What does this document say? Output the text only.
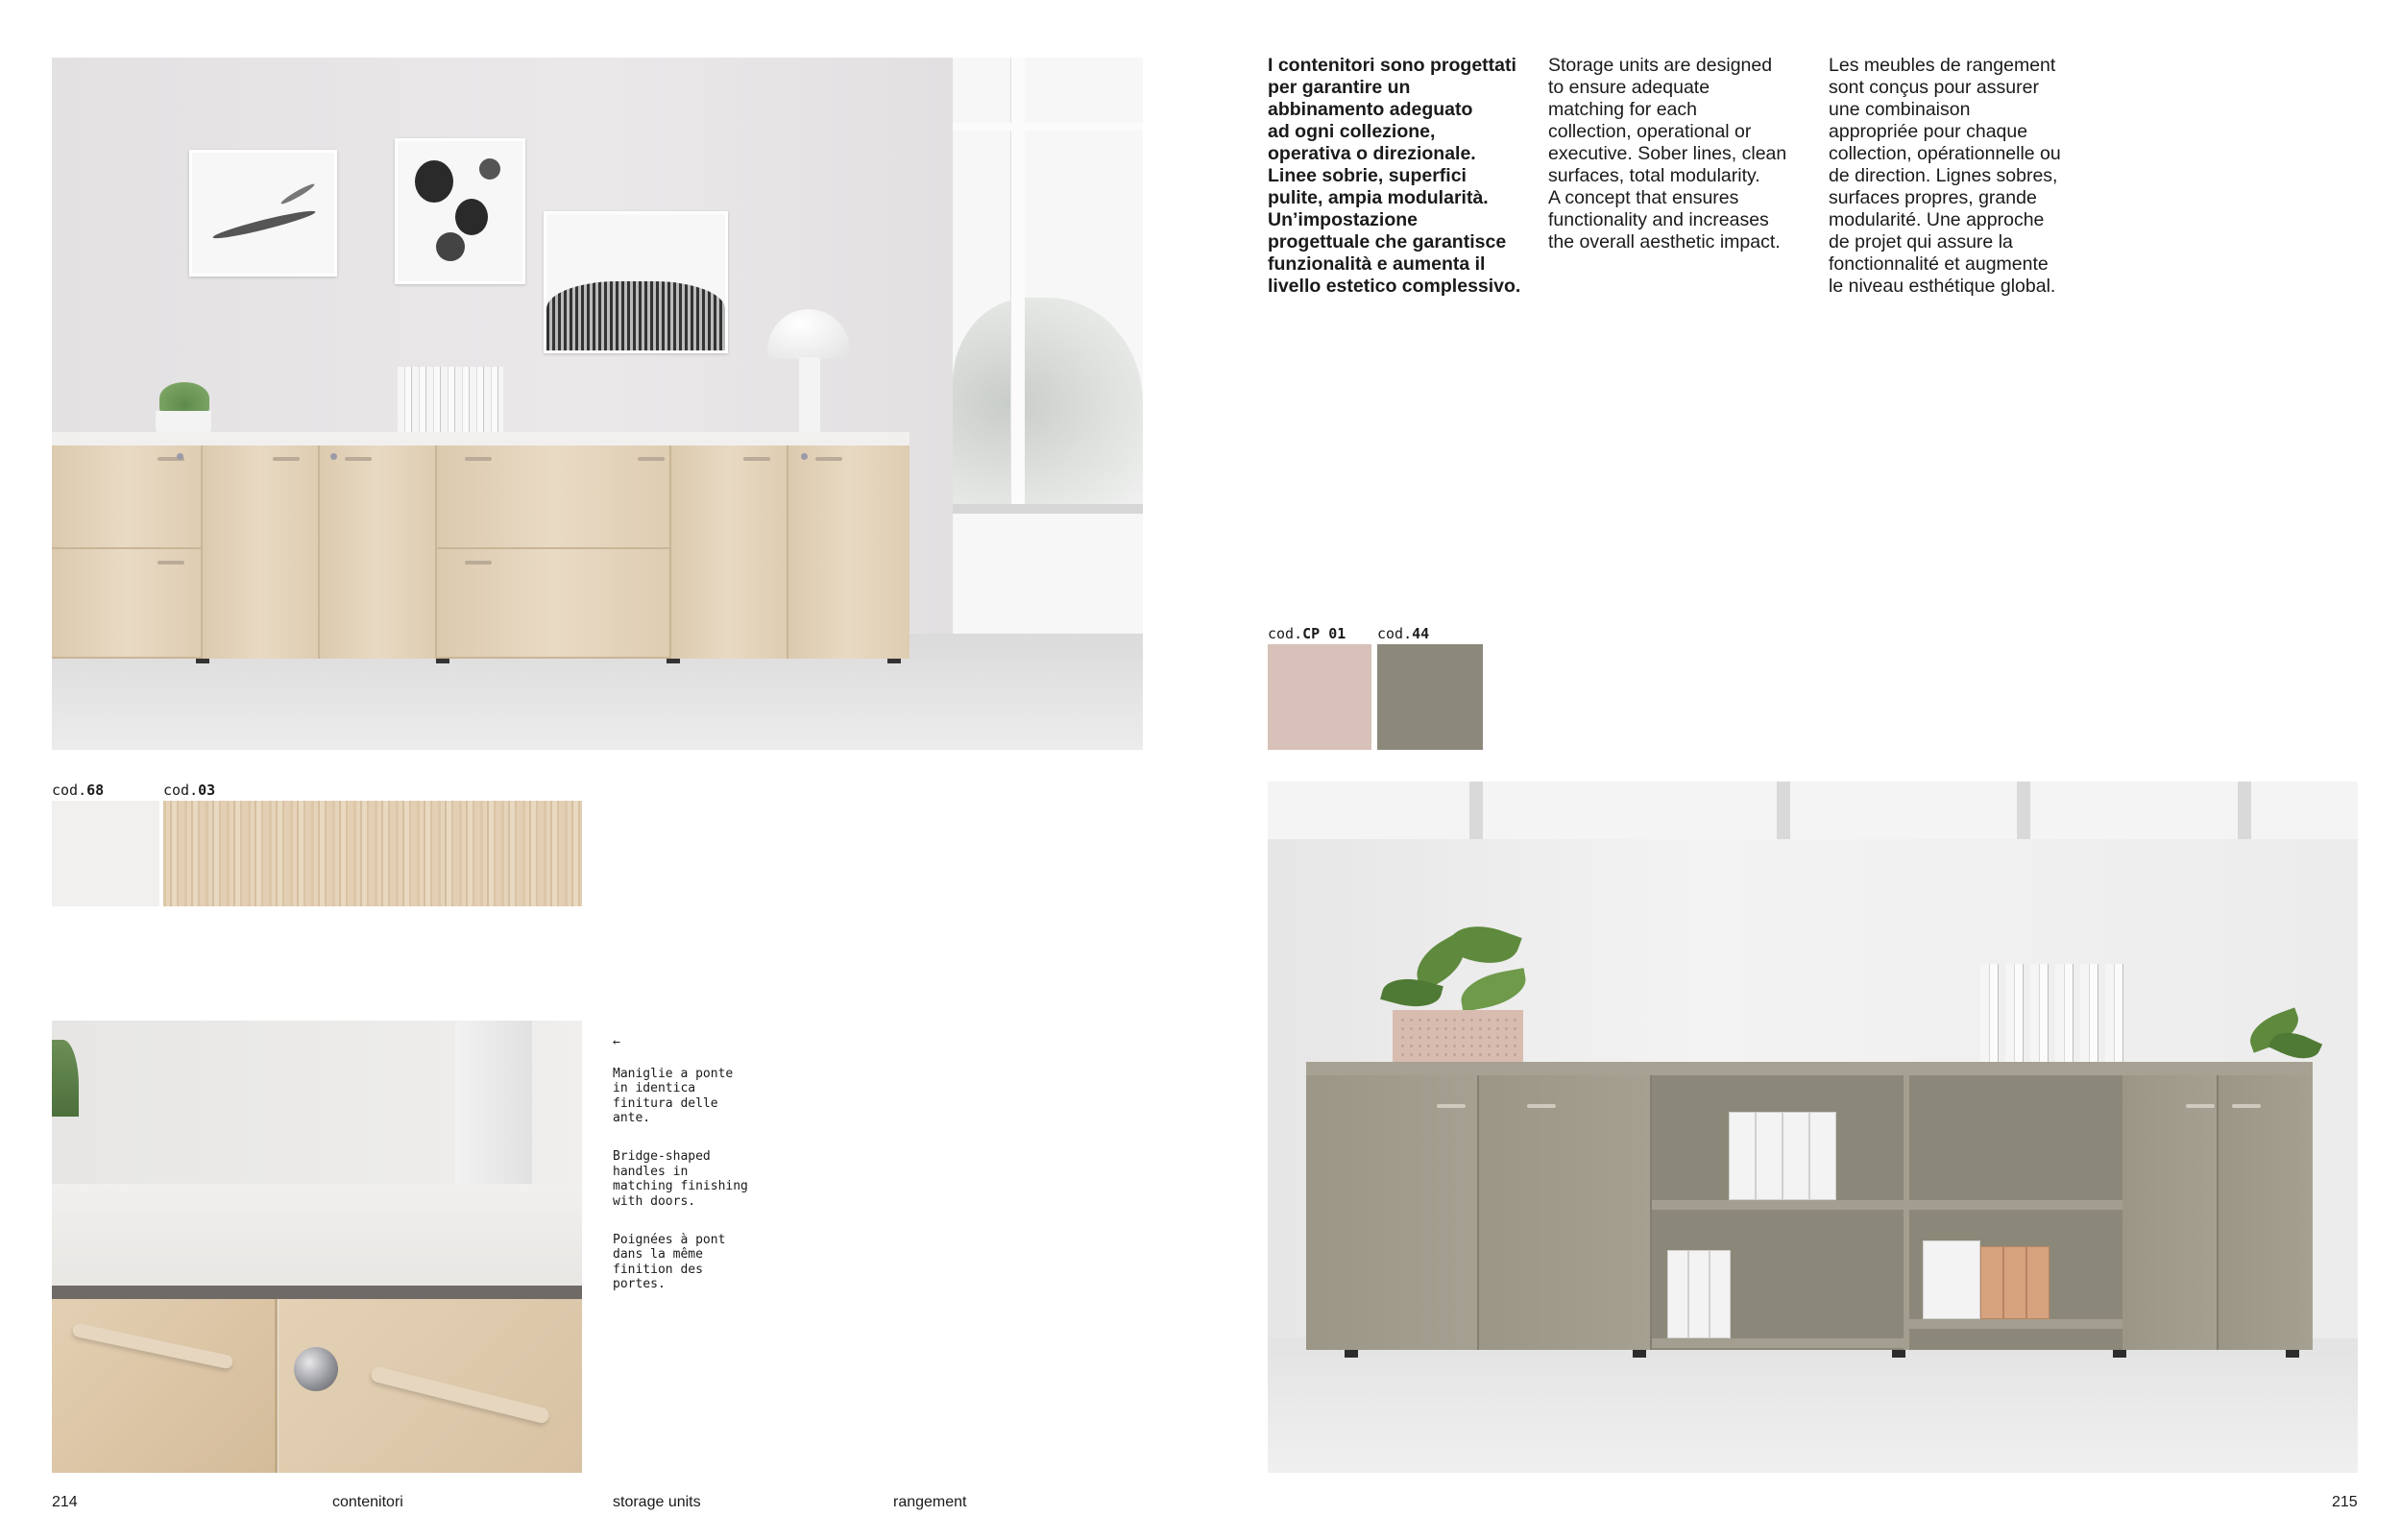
cod.68	cod.03

←

Maniglie a ponte
in identica
finitura delle
ante.

Bridge-shaped
handles in
matching finishing
with doors.

Poignées à pont
dans la même
finition des
portes.

I contenitori sono progettati
per garantire un
abbinamento adeguato
ad ogni collezione,
operativa o direzionale.
Linee sobrie, superfici
pulite, ampia modularità.
Un’impostazione
progettuale che garantisce
funzionalità e aumenta il
livello estetico complessivo.
Storage units are designed
to ensure adequate
matching for each
collection, operational or
executive. Sober lines, clean
surfaces, total modularity.
A concept that ensures
functionality and increases
the overall aesthetic impact.
Les meubles de rangement
sont conçus pour assurer
une combinaison
appropriée pour chaque
collection, opérationnelle ou
de direction. Lignes sobres,
surfaces propres, grande
modularité. Une approche
de projet qui assure la
fonctionnalité et augmente
le niveau esthétique global.
cod.CP 01 cod.44
214	contenitori	storage units	rangement	215
